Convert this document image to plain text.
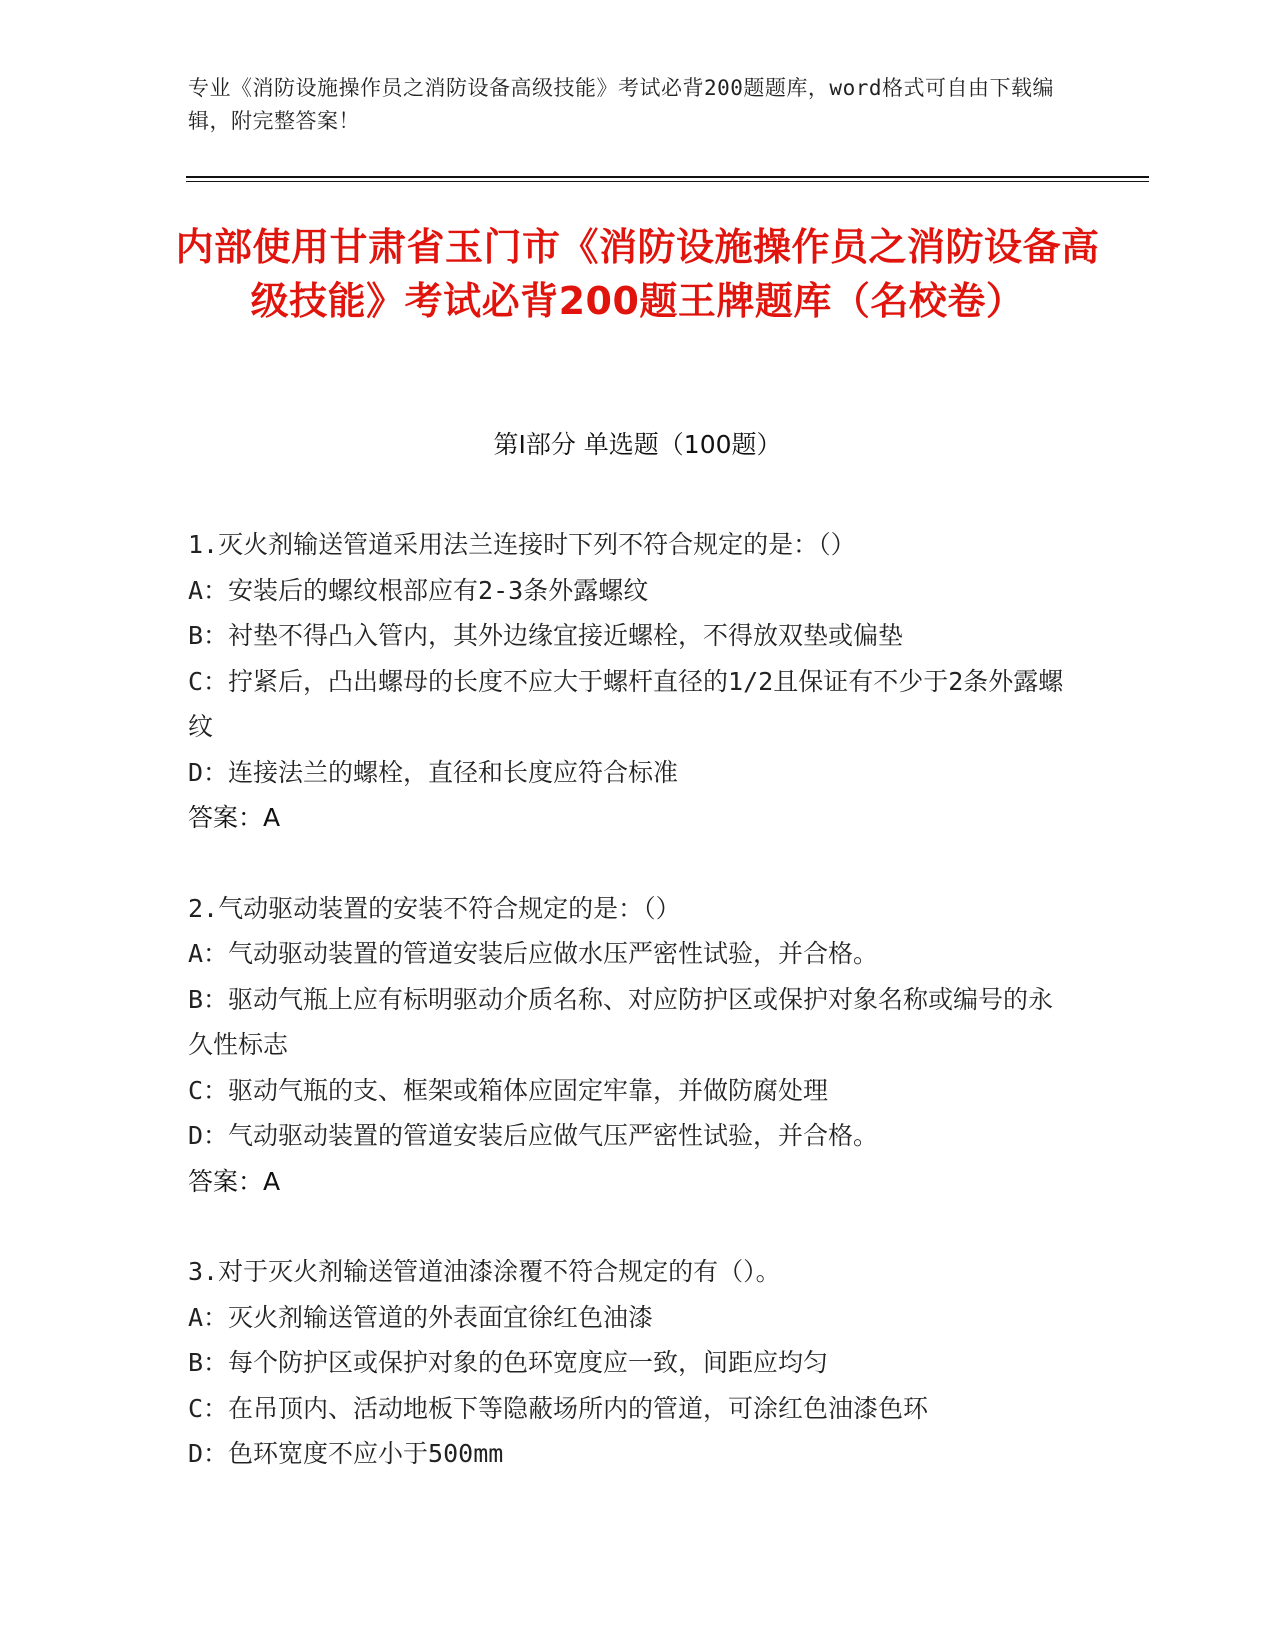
专业《消防设施操作员之消防设备高级技能》考试必背200题题库，word格式可自由下载编辑，附完整答案！
内部使用甘肃省玉门市《消防设施操作员之消防设备高级技能》考试必背200题王牌题库（名校卷）
第I部分 单选题（100题）
1.灭火剂输送管道采用法兰连接时下列不符合规定的是：（）
A：安装后的螺纹根部应有2-3条外露螺纹
B：衬垫不得凸入管内，其外边缘宜接近螺栓，不得放双垫或偏垫
C：拧紧后，凸出螺母的长度不应大于螺杆直径的1/2且保证有不少于2条外露螺纹
D：连接法兰的螺栓，直径和长度应符合标准
答案：A
2.气动驱动装置的安装不符合规定的是：（）
A：气动驱动装置的管道安装后应做水压严密性试验，并合格。
B：驱动气瓶上应有标明驱动介质名称、对应防护区或保护对象名称或编号的永久性标志
C：驱动气瓶的支、框架或箱体应固定牢靠，并做防腐处理
D：气动驱动装置的管道安装后应做气压严密性试验，并合格。
答案：A
3.对于灭火剂输送管道油漆涂覆不符合规定的有（）。
A：灭火剂输送管道的外表面宜徐红色油漆
B：每个防护区或保护对象的色环宽度应一致，间距应均匀
C：在吊顶内、活动地板下等隐蔽场所内的管道，可涂红色油漆色环
D：色环宽度不应小于500mm
